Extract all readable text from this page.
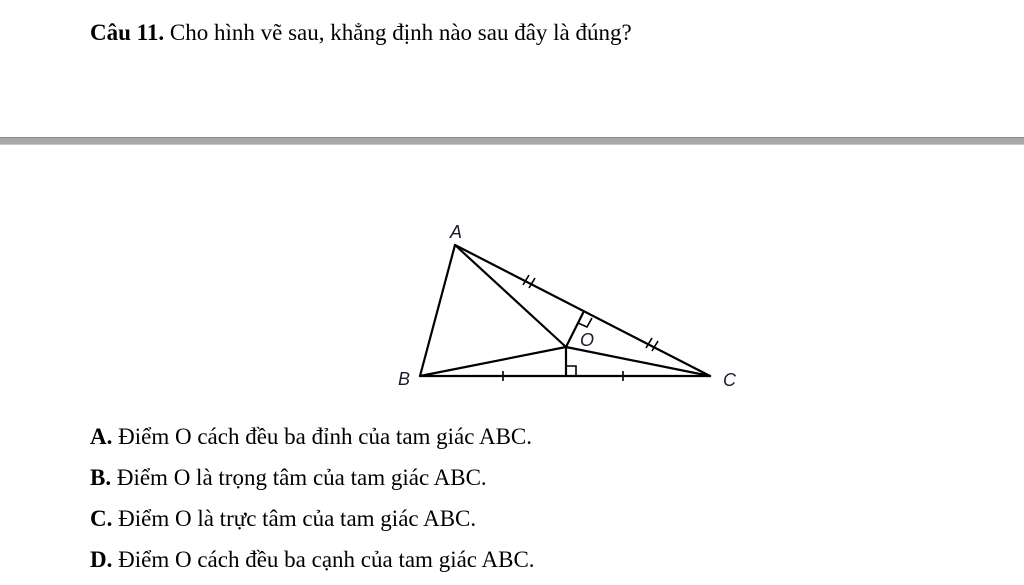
Câu 11. Cho hình vẽ sau, khẳng định nào sau đây là đúng?
A
B	C
O
A. Điểm O cách đều ba đỉnh của tam giác ABC.
B. Điểm O là trọng tâm của tam giác ABC.
C. Điểm O là trực tâm của tam giác ABC.
D. Điểm O cách đều ba cạnh của tam giác ABC.
